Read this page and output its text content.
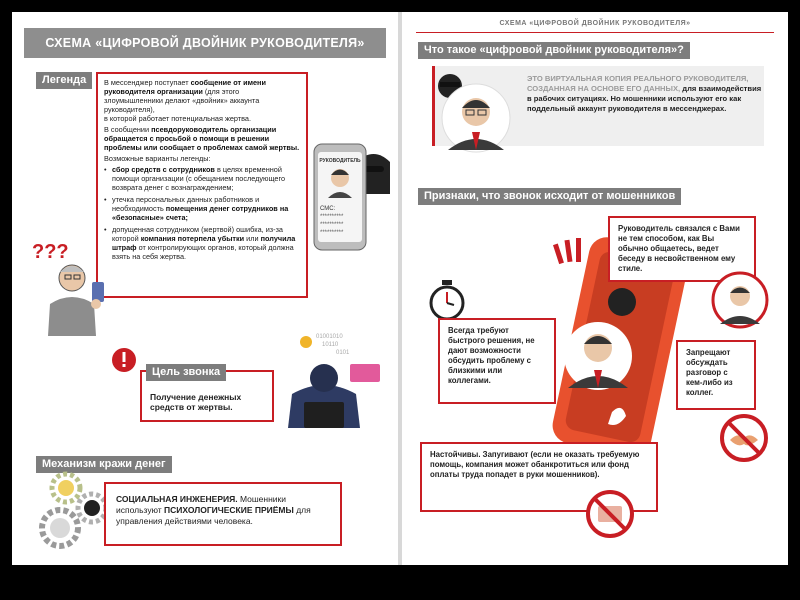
СХЕМА «ЦИФРОВОЙ ДВОЙНИК РУКОВОДИТЕЛЯ»
Легенда	В мессенджер поступает сообщение от имени руководителя организации (для этого злоумышленники делают «двойник» аккаунта руководителя),
в которой работает потенциальная жертва.

В сообщении псевдоруководитель организации обращается с просьбой о помощи в решении проблемы или сообщает о проблемах самой жертвы.

Возможные варианты легенды:

• сбор средств с сотрудников в целях временной помощи организации (с обещанием последующего возврата денег с вознаграждением;
• утечка персональных данных работников и необходимость помещения денег сотрудников на «безопасные» счета;
• допущенная сотрудником (жертвой) ошибка, из-за которой компания потерпела убытки или получила штраф от контролирующих органов, который должна взять на себя жертва.
???
РУКОВОДИТЕЛЬ
СМС:
**********
**********
**********
Получение денежных средств от жертвы.
Цель звонка
01001010
10110
0101
Механизм кражи денег
СОЦИАЛЬНАЯ ИНЖЕНЕРИЯ. Мошенники используют ПСИХОЛОГИЧЕСКИЕ ПРИЁМЫ для управления действиями человека.
СХЕМА «ЦИФРОВОЙ ДВОЙНИК РУКОВОДИТЕЛЯ»
Что такое «цифровой двойник руководителя»?
ЭТО ВИРТУАЛЬНАЯ КОПИЯ РЕАЛЬНОГО РУКОВОДИТЕЛЯ, СОЗДАННАЯ НА ОСНОВЕ ЕГО ДАННЫХ, для взаимодействия в рабочих ситуациях. Но мошенники используют его как поддельный аккаунт руководителя в мессенджерах.
Признаки, что звонок исходит от мошенников
Руководитель связался с Вами не тем способом, как Вы обычно общаетесь, ведет беседу в несвойственном ему стиле.
Всегда требуют быстрого решения, не дают возможности обсудить проблему с близкими или коллегами.
Запрещают обсуждать разговор с кем-либо из коллег.
Настойчивы. Запугивают (если не оказать требуемую помощь, компания может обанкротиться или фонд оплаты труда попадет в руки мошенников).
